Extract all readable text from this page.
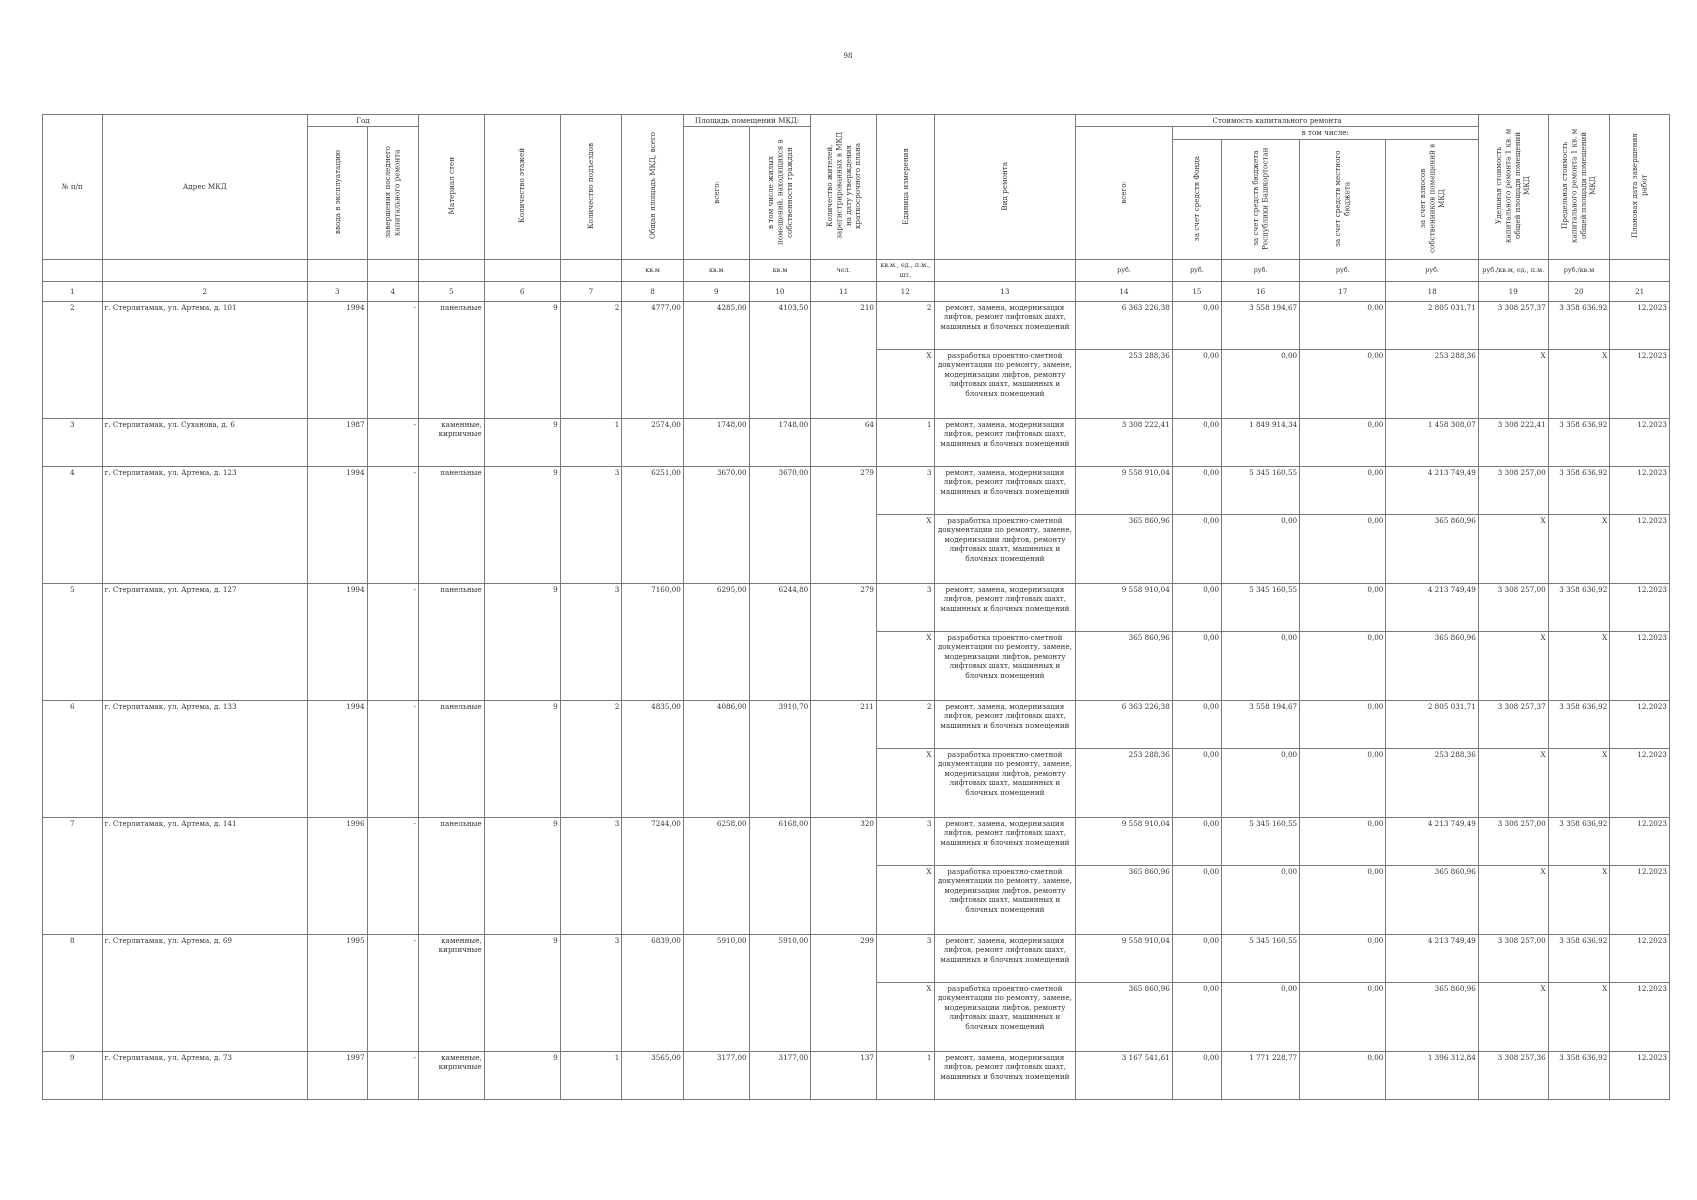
98
№ п/п	Адрес МКД	Год		Материал стен	Количество этажей	Количество подъездов	Общая площадь МКД, всего	Площадь помещений МКД:		Количество жителей, зарегистрированных в МКД на дату утверждения краткосрочного плана	Единица измерения	Вид ремонта	Стоимость капитального ремонта					Удельная стоимость капитального ремонта 1 кв. м общей площади помещений МКД	Предельная стоимость капитального ремонта 1 кв. м общей площади помещений МКД	Плановая дата завершения работ
		ввода в эксплуатацию	завершения последнего капитального ремонта					всего:	в том числе жилых помещений, находящихся в собственности граждан				всего:	в том числе:						
														за счет средств Фонда	за счет средств бюджета Республики Башкортостан	за счет средств местного бюджета	за счет взносов собственников помещений в МКД			
							кв.м	кв.м	кв.м	чел.	кв.м., ед., п.м., шт.		руб.	руб.	руб.	руб.	руб.	руб./кв.м, ед., п.м.	руб./кв.м	
1	2	3	4	5	6	7	8	9	10	11	12	13	14	15	16	17	18	19	20	21
2	г. Стерлитамак, ул. Артема, д. 101	1994	-	панельные	9	2	4777,00	4285,00	4103,50	210	2	ремонт, замена, модернизация лифтов, ремонт лифтовых шахт, машинных и блочных помещений	6 363 226,38	0,00	3 558 194,67	0,00	2 805 031,71	3 308 257,37	3 358 636,92	12.2023
											X	разработка проектно-сметной документации по ремонту, замене, модернизации лифтов, ремонту лифтовых шахт, машинных и блочных помещений	253 288,36	0,00	0,00	0,00	253 288,36	X	X	12.2023
3	г. Стерлитамак, ул. Суханова, д. 6	1987	-	каменные, кирпичные	9	1	2574,00	1748,00	1748,00	64	1	ремонт, замена, модернизация лифтов, ремонт лифтовых шахт, машинных и блочных помещений	3 308 222,41	0,00	1 849 914,34	0,00	1 458 308,07	3 308 222,41	3 358 636,92	12.2023
4	г. Стерлитамак, ул. Артема, д. 123	1994	-	панельные	9	3	6251,00	3670,00	3670,00	279	3	ремонт, замена, модернизация лифтов, ремонт лифтовых шахт, машинных и блочных помещений	9 558 910,04	0,00	5 345 160,55	0,00	4 213 749,49	3 308 257,00	3 358 636,92	12.2023
											X	разработка проектно-сметной документации по ремонту, замене, модернизации лифтов, ремонту лифтовых шахт, машинных и блочных помещений	365 860,96	0,00	0,00	0,00	365 860,96	X	X	12.2023
5	г. Стерлитамак, ул. Артема, д. 127	1994	-	панельные	9	3	7160,00	6295,00	6244,80	279	3	ремонт, замена, модернизация лифтов, ремонт лифтовых шахт, машинных и блочных помещений	9 558 910,04	0,00	5 345 160,55	0,00	4 213 749,49	3 308 257,00	3 358 636,92	12.2023
											X	разработка проектно-сметной документации по ремонту, замене, модернизации лифтов, ремонту лифтовых шахт, машинных и блочных помещений	365 860,96	0,00	0,00	0,00	365 860,96	X	X	12.2023
6	г. Стерлитамак, ул. Артема, д. 133	1994	-	панельные	9	2	4835,00	4086,00	3910,70	211	2	ремонт, замена, модернизация лифтов, ремонт лифтовых шахт, машинных и блочных помещений	6 363 226,38	0,00	3 558 194,67	0,00	2 805 031,71	3 308 257,37	3 358 636,92	12.2023
											X	разработка проектно-сметной документации по ремонту, замене, модернизации лифтов, ремонту лифтовых шахт, машинных и блочных помещений	253 288,36	0,00	0,00	0,00	253 288,36	X	X	12.2023
7	г. Стерлитамак, ул. Артема, д. 141	1996	-	панельные	9	3	7244,00	6258,00	6168,00	320	3	ремонт, замена, модернизация лифтов, ремонт лифтовых шахт, машинных и блочных помещений	9 558 910,04	0,00	5 345 160,55	0,00	4 213 749,49	3 308 257,00	3 358 636,92	12.2023
											X	разработка проектно-сметной документации по ремонту, замене, модернизации лифтов, ремонту лифтовых шахт, машинных и блочных помещений	365 860,96	0,00	0,00	0,00	365 860,96	X	X	12.2023
8	г. Стерлитамак, ул. Артема, д. 69	1995	-	каменные, кирпичные	9	3	6839,00	5910,00	5910,00	299	3	ремонт, замена, модернизация лифтов, ремонт лифтовых шахт, машинных и блочных помещений	9 558 910,04	0,00	5 345 160,55	0,00	4 213 749,49	3 308 257,00	3 358 636,92	12.2023
											X	разработка проектно-сметной документации по ремонту, замене, модернизации лифтов, ремонту лифтовых шахт, машинных и блочных помещений	365 860,96	0,00	0,00	0,00	365 860,96	X	X	12.2023
9	г. Стерлитамак, ул. Артема, д. 73	1997	-	каменные, кирпичные	9	1	3565,00	3177,00	3177,00	137	1	ремонт, замена, модернизация лифтов, ремонт лифтовых шахт, машинных и блочных помещений	3 167 541,61	0,00	1 771 228,77	0,00	1 396 312,84	3 308 257,36	3 358 636,92	12.2023
